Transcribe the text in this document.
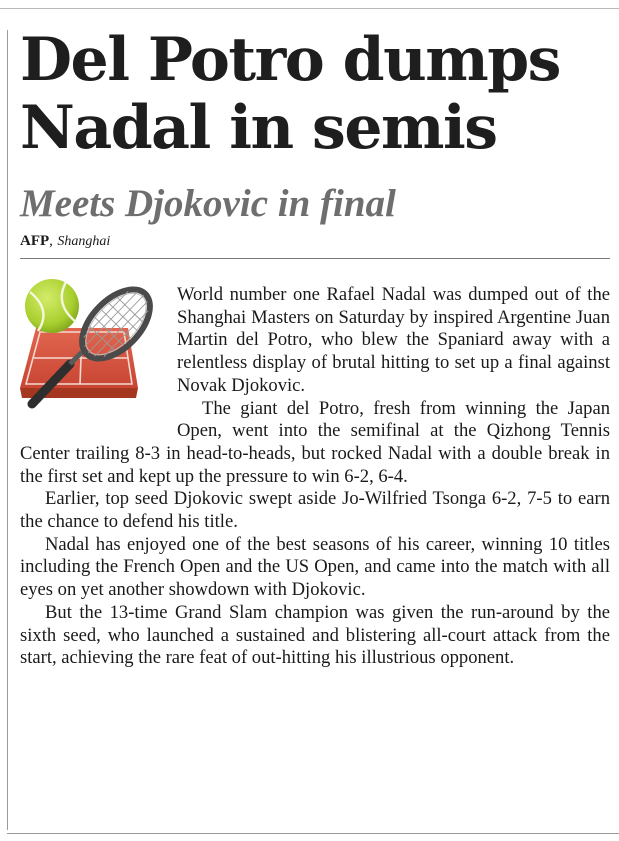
Del Potro dumps Nadal in semis
Meets Djokovic in final
AFP, Shanghai

World number one Rafael Nadal was dumped out of the Shanghai Masters on Saturday by inspired Argentine Juan Martin del Potro, who blew the Spaniard away with a relentless display of brutal hitting to set up a final against Novak Djokovic.

The giant del Potro, fresh from winning the Japan Open, went into the semifinal at the Qizhong Tennis Center trailing 8-3 in head-to-heads, but rocked Nadal with a double break in the first set and kept up the pressure to win 6-2, 6-4.

Earlier, top seed Djokovic swept aside Jo-Wilfried Tsonga 6-2, 7-5 to earn the chance to defend his title.

Nadal has enjoyed one of the best seasons of his career, winning 10 titles including the French Open and the US Open, and came into the match with all eyes on yet another showdown with Djokovic.

But the 13-time Grand Slam champion was given the run-around by the sixth seed, who launched a sustained and blistering all-court attack from the start, achieving the rare feat of out-hitting his illustrious opponent.
